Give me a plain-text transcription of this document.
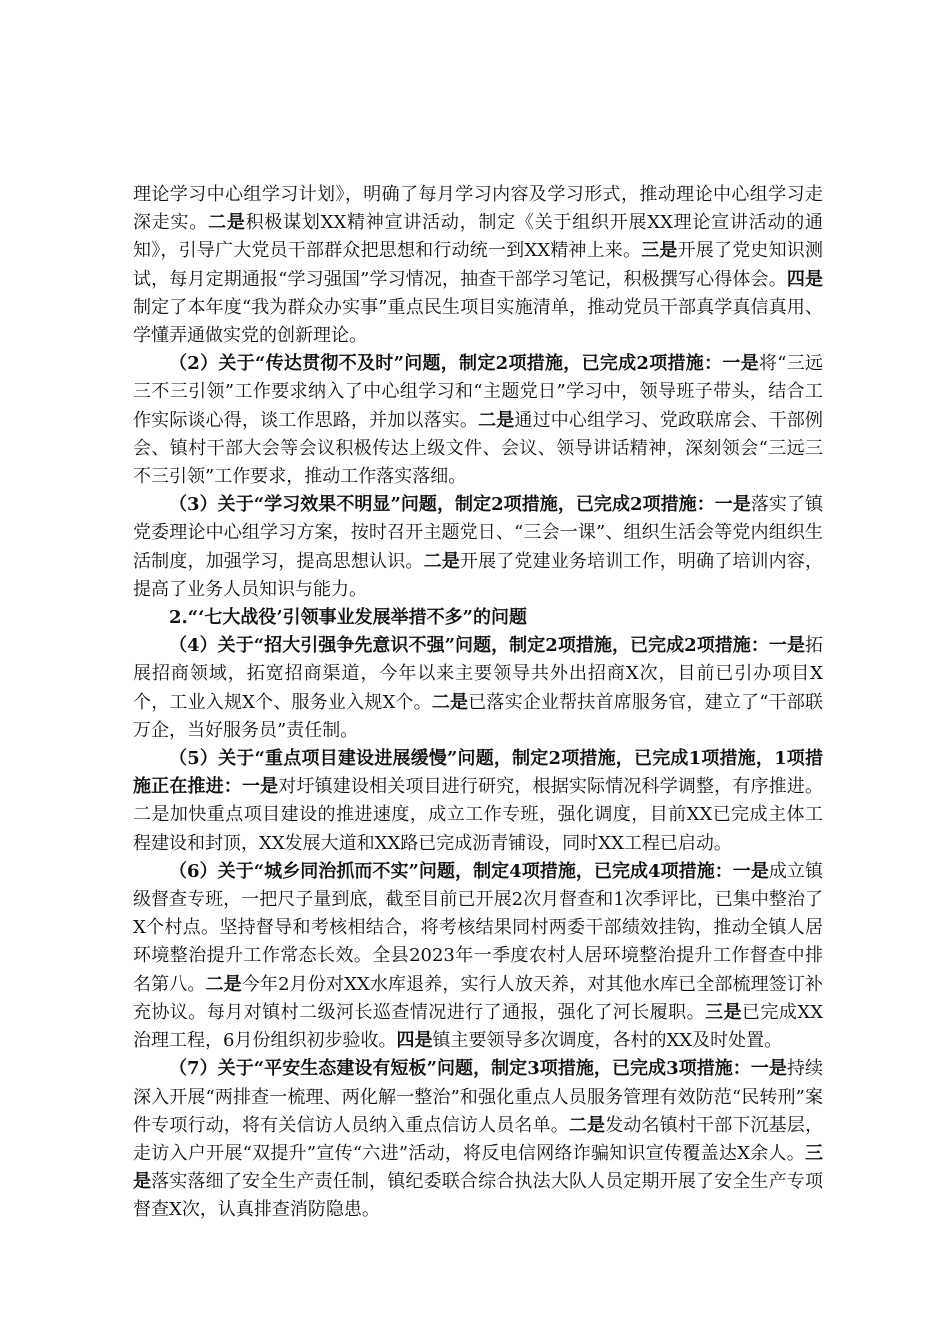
理论学习中心组学习计划》，明确了每月学习内容及学习形式，推动理论中心组学习走深走实。二是积极谋划XX精神宣讲活动，制定《关于组织开展XX理论宣讲活动的通知》，引导广大党员干部群众把思想和行动统一到XX精神上来。三是开展了党史知识测试，每月定期通报“学习强国”学习情况，抽查干部学习笔记，积极撰写心得体会。四是制定了本年度“我为群众办实事”重点民生项目实施清单，推动党员干部真学真信真用、学懂弄通做实党的创新理论。

（2）关于“传达贯彻不及时”问题，制定2项措施，已完成2项措施：一是将“三远三不三引领”工作要求纳入了中心组学习和“主题党日”学习中，领导班子带头，结合工作实际谈心得，谈工作思路，并加以落实。二是通过中心组学习、党政联席会、干部例会、镇村干部大会等会议积极传达上级文件、会议、领导讲话精神，深刻领会“三远三不三引领”工作要求，推动工作落实落细。

（3）关于“学习效果不明显”问题，制定2项措施，已完成2项措施：一是落实了镇党委理论中心组学习方案，按时召开主题党日、“三会一课”、组织生活会等党内组织生活制度，加强学习，提高思想认识。二是开展了党建业务培训工作，明确了培训内容，提高了业务人员知识与能力。

2.“‘七大战役’引领事业发展举措不多”的问题

（4）关于“招大引强争先意识不强”问题，制定2项措施，已完成2项措施：一是拓展招商领域，拓宽招商渠道，今年以来主要领导共外出招商X次，目前已引办项目X个，工业入规X个、服务业入规X个。二是已落实企业帮扶首席服务官，建立了“干部联万企，当好服务员”责任制。

（5）关于“重点项目建设进展缓慢”问题，制定2项措施，已完成1项措施，1项措施正在推进：一是对圩镇建设相关项目进行研究，根据实际情况科学调整，有序推进。二是加快重点项目建设的推进速度，成立工作专班，强化调度，目前XX已完成主体工程建设和封顶，XX发展大道和XX路已完成沥青铺设，同时XX工程已启动。

（6）关于“城乡同治抓而不实”问题，制定4项措施，已完成4项措施：一是成立镇级督查专班，一把尺子量到底，截至目前已开展2次月督查和1次季评比，已集中整治了X个村点。坚持督导和考核相结合，将考核结果同村两委干部绩效挂钩，推动全镇人居环境整治提升工作常态长效。全县2023年一季度农村人居环境整治提升工作督查中排名第八。二是今年2月份对XX水库退养，实行人放天养，对其他水库已全部梳理签订补充协议。每月对镇村二级河长巡查情况进行了通报，强化了河长履职。三是已完成XX治理工程，6月份组织初步验收。四是镇主要领导多次调度，各村的XX及时处置。

（7）关于“平安生态建设有短板”问题，制定3项措施，已完成3项措施：一是持续深入开展“两排查一梳理、两化解一整治”和强化重点人员服务管理有效防范“民转刑”案件专项行动，将有关信访人员纳入重点信访人员名单。二是发动名镇村干部下沉基层，走访入户开展“双提升”宣传“六进”活动，将反电信网络诈骗知识宣传覆盖达X余人。三是落实落细了安全生产责任制，镇纪委联合综合执法大队人员定期开展了安全生产专项督查X次，认真排查消防隐患。
